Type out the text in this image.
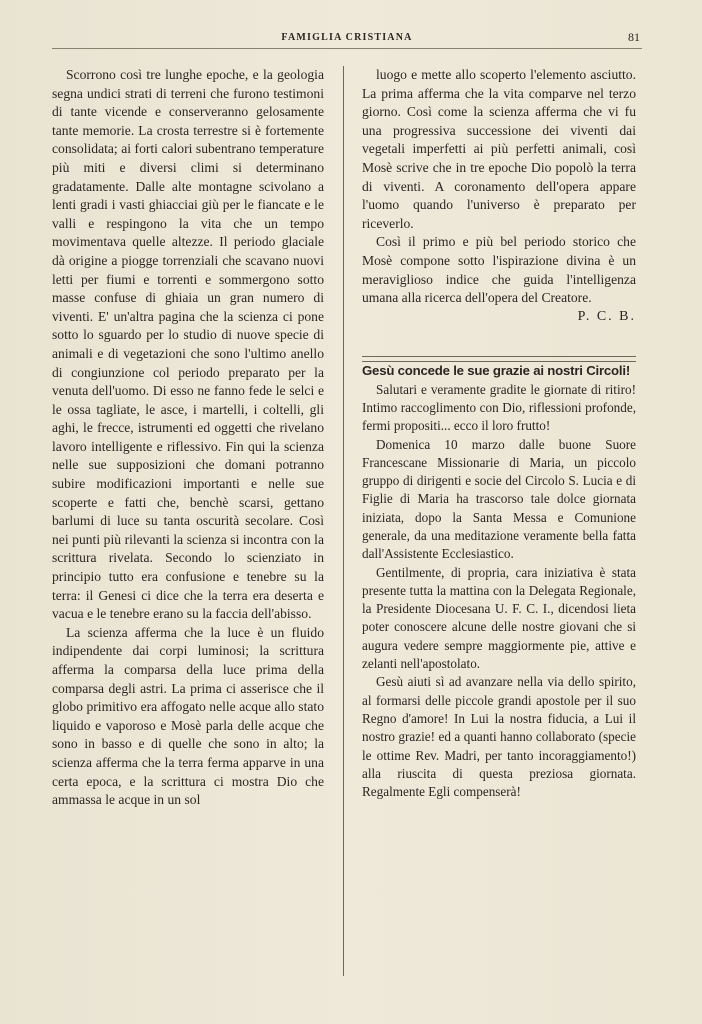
FAMIGLIA CRISTIANA	81

Scorrono così tre lunghe epoche, e la geologia segna undici strati di terreni che furono testimoni di tante vicende e conserveranno gelosamente tante memorie. La crosta terrestre si è fortemente consolidata; ai forti calori subentrano temperature più miti e diversi climi si determinano gradatamente. Dalle alte montagne scivolano a lenti gradi i vasti ghiacciai giù per le fiancate e le valli e respingono la vita che un tempo movimentava quelle altezze. Il periodo glaciale dà origine a piogge torrenziali che scavano nuovi letti per fiumi e torrenti e sommergono sotto masse confuse di ghiaia un gran numero di viventi. E' un'altra pagina che la scienza ci pone sotto lo sguardo per lo studio di nuove specie di animali e di vegetazioni che sono l'ultimo anello di congiunzione col periodo preparato per la venuta dell'uomo. Di esso ne fanno fede le selci e le ossa tagliate, le asce, i martelli, i coltelli, gli aghi, le frecce, istrumenti ed oggetti che rivelano lavoro intelligente e riflessivo. Fin qui la scienza nelle sue supposizioni che domani potranno subire modificazioni importanti e nelle sue scoperte e fatti che, benchè scarsi, gettano barlumi di luce su tanta oscurità secolare. Così nei punti più rilevanti la scienza si incontra con la scrittura rivelata. Secondo lo scienziato in principio tutto era confusione e tenebre su la terra: il Genesi ci dice che la terra era deserta e vacua e le tenebre erano su la faccia dell'abisso.

La scienza afferma che la luce è un fluido indipendente dai corpi luminosi; la scrittura afferma la comparsa della luce prima della comparsa degli astri. La prima ci asserisce che il globo primitivo era affogato nelle acque allo stato liquido e vaporoso e Mosè parla delle acque che sono in basso e di quelle che sono in alto; la scienza afferma che la terra ferma apparve in una certa epoca, e la scrittura ci mostra Dio che ammassa le acque in un sol

luogo e mette allo scoperto l'elemento asciutto. La prima afferma che la vita comparve nel terzo giorno. Così come la scienza afferma che vi fu una progressiva successione dei viventi dai vegetali imperfetti ai più perfetti animali, così Mosè scrive che in tre epoche Dio popolò la terra di viventi. A coronamento dell'opera appare l'uomo quando l'universo è preparato per riceverlo.

Così il primo e più bel periodo storico che Mosè compone sotto l'ispirazione divina è un meraviglioso indice che guida l'intelligenza umana alla ricerca dell'opera del Creatore.

P. C. B.

Gesù concede le sue grazie ai nostri Circoli!

Salutari e veramente gradite le giornate di ritiro! Intimo raccoglimento con Dio, riflessioni profonde, fermi propositi... ecco il loro frutto!

Domenica 10 marzo dalle buone Suore Francescane Missionarie di Maria, un piccolo gruppo di dirigenti e socie del Circolo S. Lucia e di Figlie di Maria ha trascorso tale dolce giornata iniziata, dopo la Santa Messa e Comunione generale, da una meditazione veramente bella fatta dall'Assistente Ecclesiastico.

Gentilmente, di propria, cara iniziativa è stata presente tutta la mattina con la Delegata Regionale, la Presidente Diocesana U. F. C. I., dicendosi lieta poter conoscere alcune delle nostre giovani che si augura vedere sempre maggiormente pie, attive e zelanti nell'apostolato.

Gesù aiuti sì ad avanzare nella via dello spirito, al formarsi delle piccole grandi apostole per il suo Regno d'amore! In Lui la nostra fiducia, a Lui il nostro grazie! ed a quanti hanno collaborato (specie le ottime Rev. Madri, per tanto incoraggiamento!) alla riuscita di questa preziosa giornata. Regalmente Egli compenserà!
